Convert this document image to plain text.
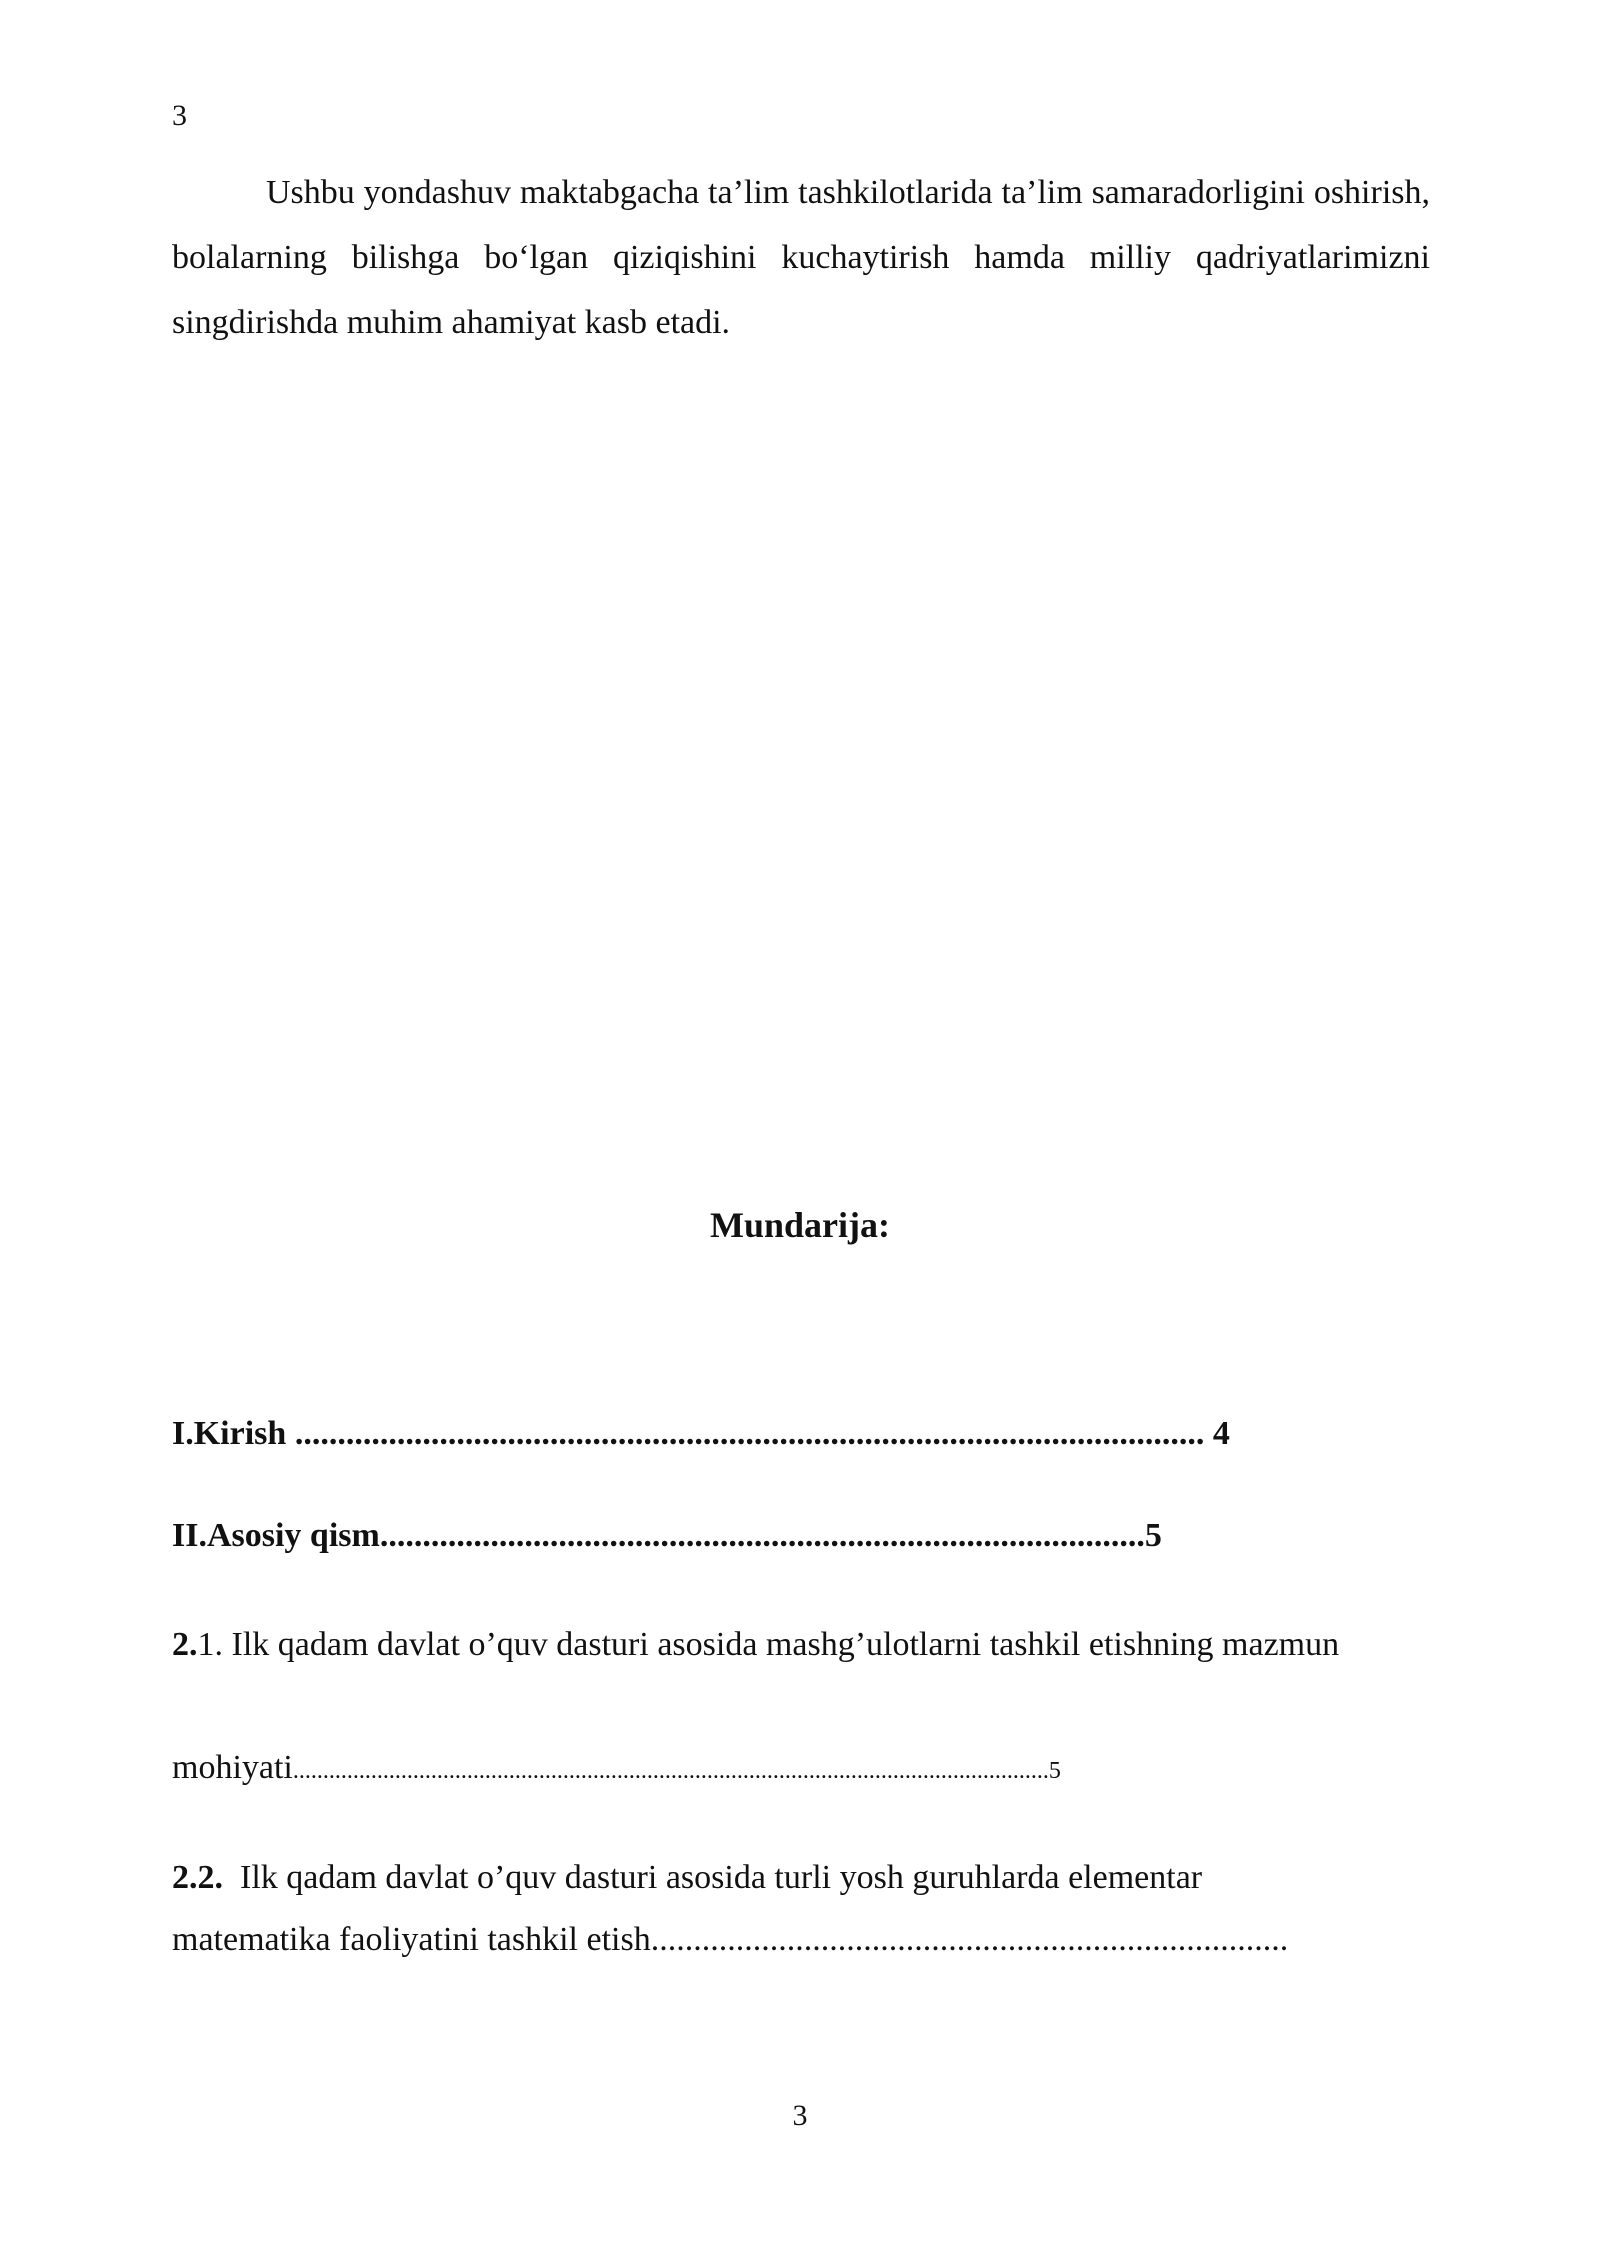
3

Ushbu yondashuv maktabgacha ta’lim tashkilotlarida ta’lim samaradorligini oshirish, bolalarning bilishga bo‘lgan qiziqishini kuchaytirish hamda milliy qadriyatlarimizni singdirishda muhim ahamiyat kasb etadi.

Mundarija:
I.Kirish ........................................................................................................... 4
II.Asosiy qism..........................................................................................5

2.1. Ilk qadam davlat o’quv dasturi asosida mashg’ulotlarni tashkil etishning mazmun

mohiyati..............................................................................................................................5

2.2.  Ilk qadam davlat o’quv dasturi asosida turli yosh guruhlarda elementar

matematika faoliyatini tashkil etish...........................................................................
3
